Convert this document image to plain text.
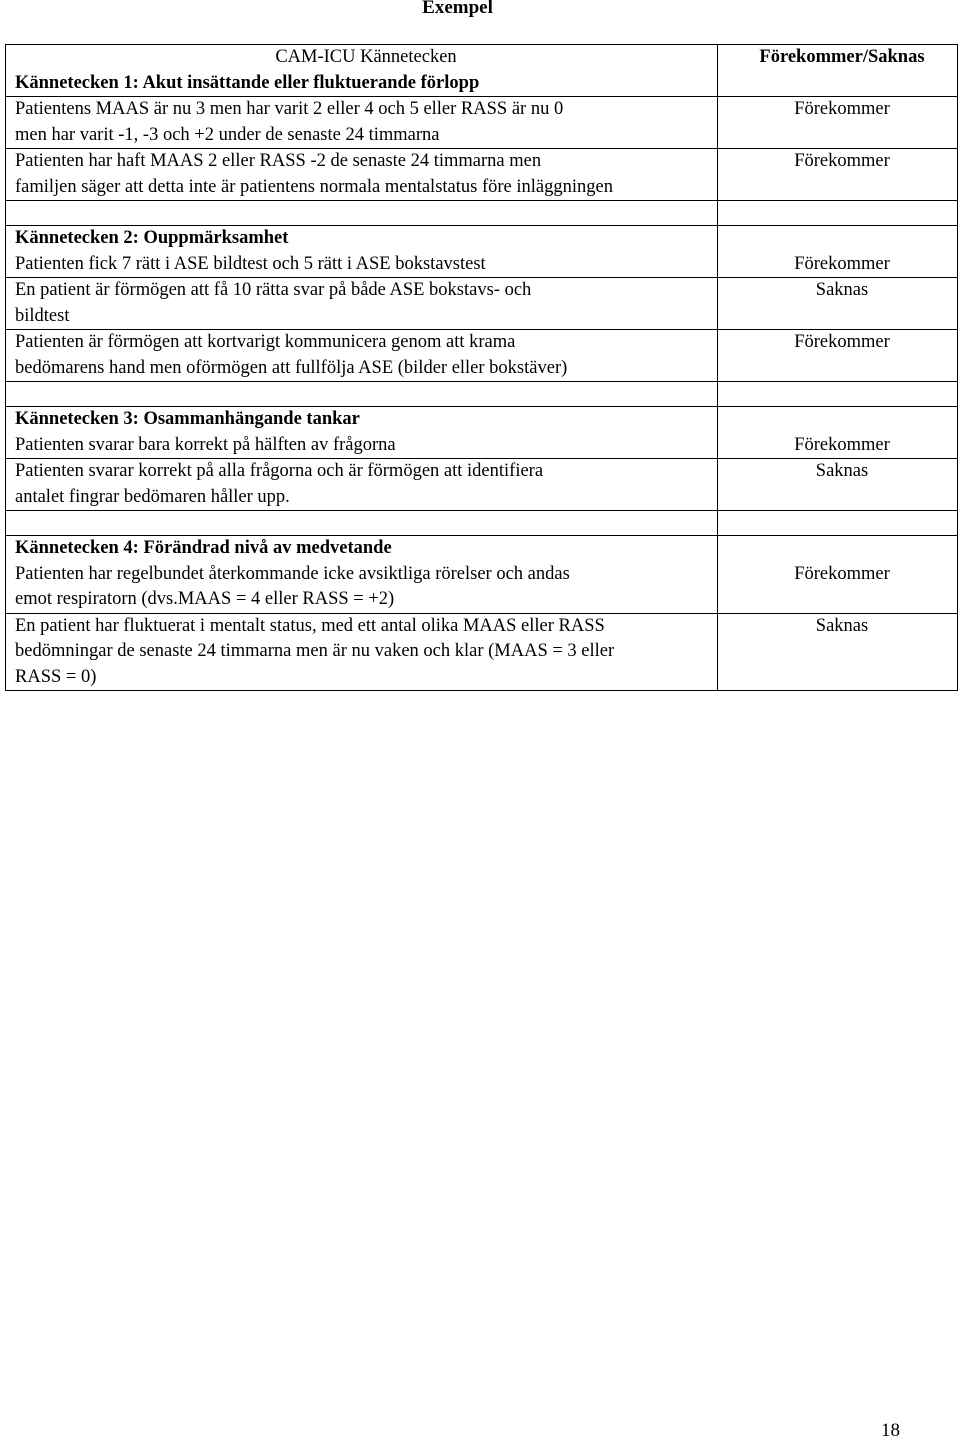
Exempel
CAM-ICU Kännetecken
Kännetecken 1: Akut insättande eller fluktuerande förlopp	Förekommer/Saknas

Patientens MAAS är nu 3 men har varit 2 eller 4 och 5 eller RASS är nu 0
men har varit -1, -3 och +2 under de senaste 24 timmarna	Förekommer

Patienten har haft MAAS 2 eller RASS -2 de senaste 24 timmarna men
familjen säger att detta inte är patientens normala mentalstatus före inläggningen	Förekommer

Kännetecken 2: Ouppmärksamhet
Patienten fick 7 rätt i ASE bildtest och 5 rätt i ASE bokstavstest	Förekommer

En patient är förmögen att få 10 rätta svar på både ASE bokstavs- och
bildtest	Saknas

Patienten är förmögen att kortvarigt kommunicera genom att krama
bedömarens hand men oförmögen att fullfölja ASE (bilder eller bokstäver)	Förekommer

Kännetecken 3: Osammanhängande tankar
Patienten svarar bara korrekt på hälften av frågorna	Förekommer

Patienten svarar korrekt på alla frågorna och är förmögen att identifiera
antalet fingrar bedömaren håller upp.	Saknas

Kännetecken 4: Förändrad nivå av medvetande
Patienten har regelbundet återkommande icke avsiktliga rörelser och andas
emot respiratorn (dvs.MAAS = 4 eller RASS = +2)	Förekommer

En patient har fluktuerat i mentalt status, med ett antal olika MAAS eller RASS
bedömningar de senaste 24 timmarna men är nu vaken och klar (MAAS = 3 eller
RASS = 0)	Saknas
18
